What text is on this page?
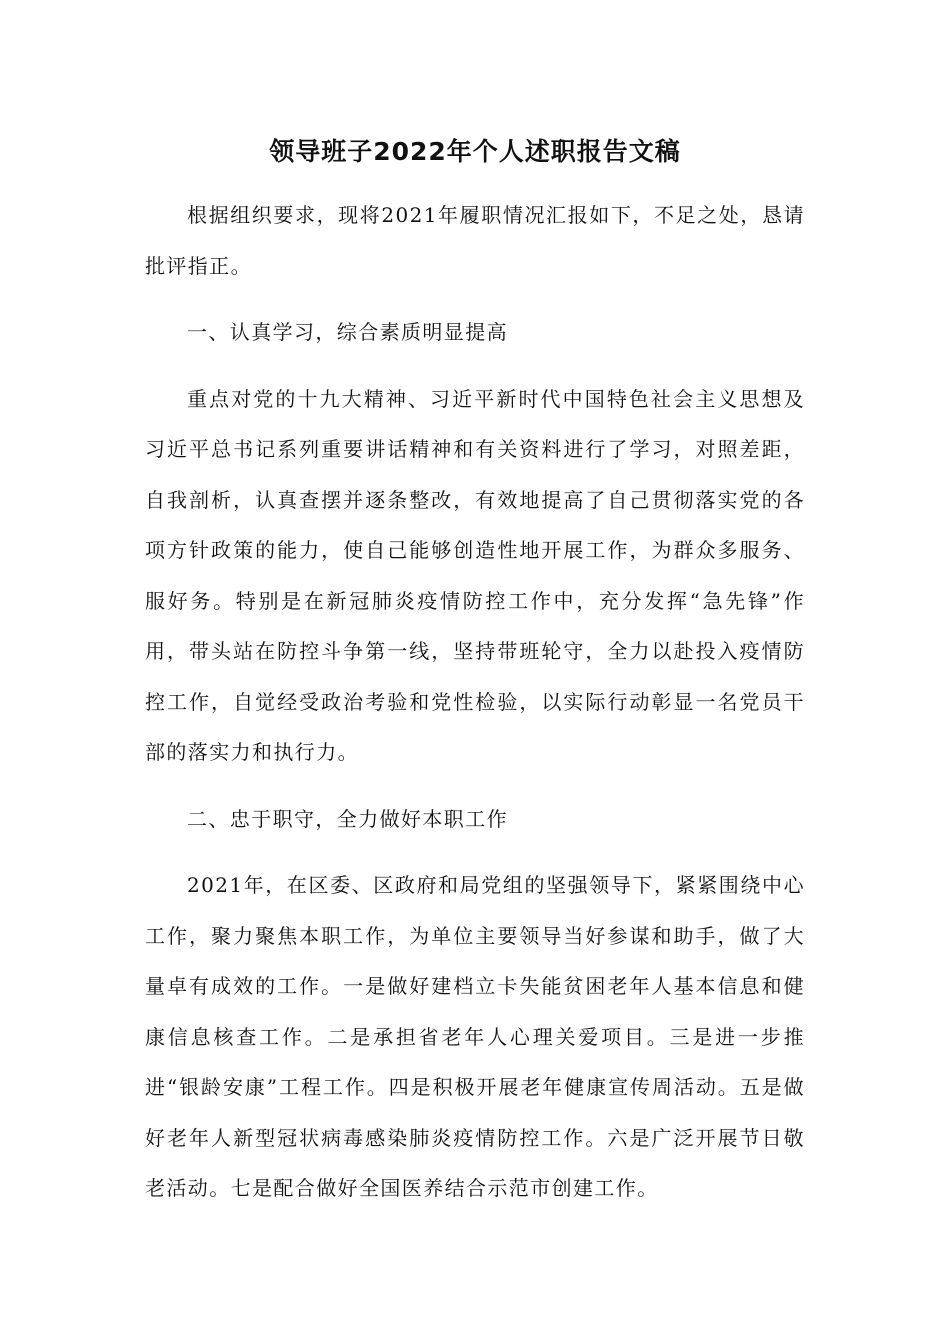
领导班子2022年个人述职报告文稿

根据组织要求，现将2021年履职情况汇报如下，不足之处，恳请批评指正。

一、认真学习，综合素质明显提高

重点对党的十九大精神、习近平新时代中国特色社会主义思想及习近平总书记系列重要讲话精神和有关资料进行了学习，对照差距，自我剖析，认真查摆并逐条整改，有效地提高了自己贯彻落实党的各项方针政策的能力，使自己能够创造性地开展工作，为群众多服务、服好务。特别是在新冠肺炎疫情防控工作中，充分发挥“急先锋”作用，带头站在防控斗争第一线，坚持带班轮守，全力以赴投入疫情防控工作，自觉经受政治考验和党性检验，以实际行动彰显一名党员干部的落实力和执行力。

二、忠于职守，全力做好本职工作

2021年，在区委、区政府和局党组的坚强领导下，紧紧围绕中心工作，聚力聚焦本职工作，为单位主要领导当好参谋和助手，做了大量卓有成效的工作。一是做好建档立卡失能贫困老年人基本信息和健康信息核查工作。二是承担省老年人心理关爱项目。三是进一步推进“银龄安康”工程工作。四是积极开展老年健康宣传周活动。五是做好老年人新型冠状病毒感染肺炎疫情防控工作。六是广泛开展节日敬老活动。七是配合做好全国医养结合示范市创建工作。
